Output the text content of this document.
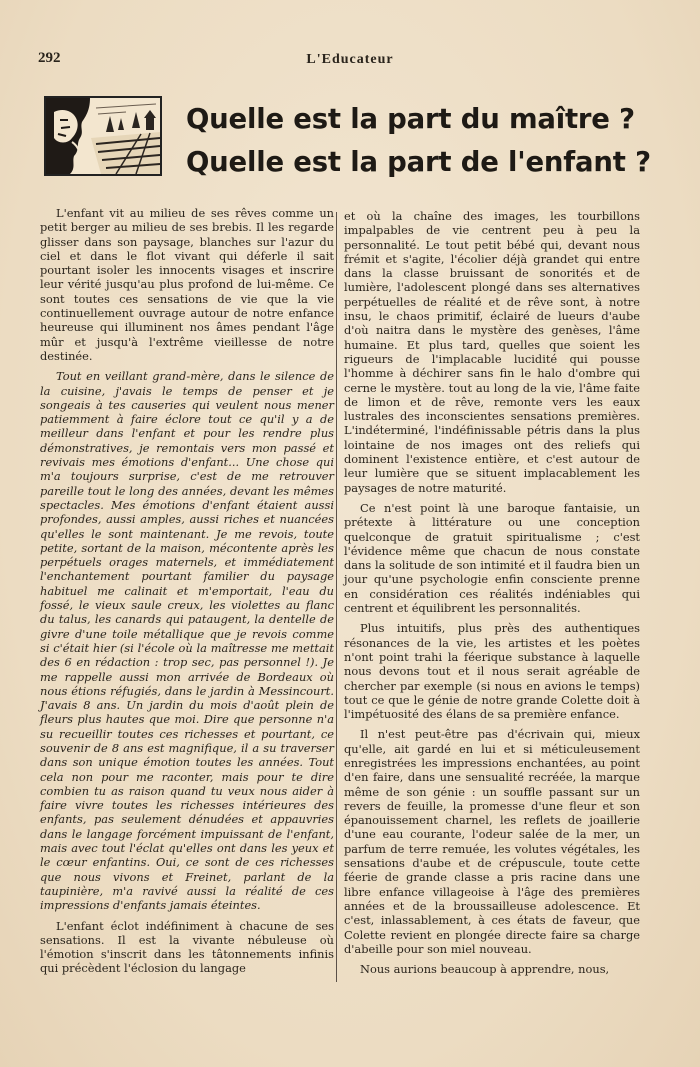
292	L'Educateur
Quelle est la part du maître ?
Quelle est la part de l'enfant ?

L'enfant vit au milieu de ses rêves comme un petit berger au milieu de ses brebis. Il les regarde glisser dans son paysage, blanches sur l'azur du ciel et dans le flot vivant qui déferle il sait pourtant isoler les innocents visages et inscrire leur vérité jusqu'au plus profond de lui-même. Ce sont toutes ces sensations de vie que la vie continuellement ouvrage autour de notre enfance heureuse qui illuminent nos âmes pendant l'âge mûr et jusqu'à l'extrême vieillesse de notre destinée.

Tout en veillant grand-mère, dans le silence de la cuisine, j'avais le temps de penser et je songeais à tes causeries qui veulent nous mener patiemment à faire éclore tout ce qu'il y a de meilleur dans l'enfant et pour les rendre plus démonstratives, je remontais vers mon passé et revivais mes émotions d'enfant... Une chose qui m'a toujours surprise, c'est de me retrouver pareille tout le long des années, devant les mêmes spectacles. Mes émotions d'enfant étaient aussi profondes, aussi amples, aussi riches et nuancées qu'elles le sont maintenant. Je me revois, toute petite, sortant de la maison, mécontente après les perpétuels orages maternels, et immédiatement l'enchantement pourtant familier du paysage habituel me calinait et m'emportait, l'eau du fossé, le vieux saule creux, les violettes au flanc du talus, les canards qui pataugent, la dentelle de givre d'une toile métallique que je revois comme si c'était hier (si l'école où la maîtresse me mettait des 6 en rédaction : trop sec, pas personnel !). Je me rappelle aussi mon arrivée de Bordeaux où nous étions réfugiés, dans le jardin à Messincourt. J'avais 8 ans. Un jardin du mois d'août plein de fleurs plus hautes que moi. Dire que personne n'a su recueillir toutes ces richesses et pourtant, ce souvenir de 8 ans est magnifique, il a su traverser dans son unique émotion toutes les années. Tout cela non pour me raconter, mais pour te dire combien tu as raison quand tu veux nous aider à faire vivre toutes les richesses intérieures des enfants, pas seulement dénudées et appauvries dans le langage forcément impuissant de l'enfant, mais avec tout l'éclat qu'elles ont dans les yeux et le cœur enfantins. Oui, ce sont de ces richesses que nous vivons et Freinet, parlant de la taupinière, m'a ravivé aussi la réalité de ces impressions d'enfants jamais éteintes.

L'enfant éclot indéfiniment à chacune de ses sensations. Il est la vivante nébuleuse où l'émotion s'inscrit dans les tâtonnements infinis qui précèdent l'éclosion du langage

et où la chaîne des images, les tourbillons impalpables de vie centrent peu à peu la personnalité. Le tout petit bébé qui, devant nous frémit et s'agite, l'écolier déjà grandet qui entre dans la classe bruissant de sonorités et de lumière, l'adolescent plongé dans ses alternatives perpétuelles de réalité et de rêve sont, à notre insu, le chaos primitif, éclairé de lueurs d'aube d'où naitra dans le mystère des genèses, l'âme humaine. Et plus tard, quelles que soient les rigueurs de l'implacable lucidité qui pousse l'homme à déchirer sans fin le halo d'ombre qui cerne le mystère. tout au long de la vie, l'âme faite de limon et de rêve, remonte vers les eaux lustrales des inconscientes sensations premières. L'indéterminé, l'indéfinissable pétris dans la plus lointaine de nos images ont des reliefs qui dominent l'existence entière, et c'est autour de leur lumière que se situent implacablement les paysages de notre maturité.

Ce n'est point là une baroque fantaisie, un prétexte à littérature ou une conception quelconque de gratuit spiritualisme ; c'est l'évidence même que chacun de nous constate dans la solitude de son intimité et il faudra bien un jour qu'une psychologie enfin consciente prenne en considération ces réalités indéniables qui centrent et équilibrent les personnalités.

Plus intuitifs, plus près des authentiques résonances de la vie, les artistes et les poètes n'ont point trahi la féerique substance à laquelle nous devons tout et il nous serait agréable de chercher par exemple (si nous en avions le temps) tout ce que le génie de notre grande Colette doit à l'impétuosité des élans de sa première enfance.

Il n'est peut-être pas d'écrivain qui, mieux qu'elle, ait gardé en lui et si méticuleusement enregistrées les impressions enchantées, au point d'en faire, dans une sensualité recréée, la marque même de son génie : un souffle passant sur un revers de feuille, la promesse d'une fleur et son épanouissement charnel, les reflets de joaillerie d'une eau courante, l'odeur salée de la mer, un parfum de terre remuée, les volutes végétales, les sensations d'aube et de crépuscule, toute cette féerie de grande classe a pris racine dans une libre enfance villageoise à l'âge des premières années et de la broussailleuse adolescence. Et c'est, inlassablement, à ces états de faveur, que Colette revient en plongée directe faire sa charge d'abeille pour son miel nouveau.

Nous aurions beaucoup à apprendre, nous,
